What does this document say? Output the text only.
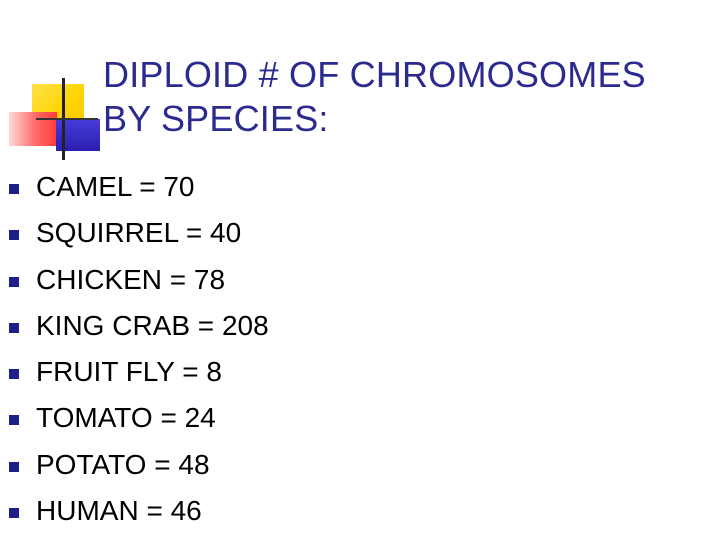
DIPLOID # OF CHROMOSOMES
BY SPECIES:
CAMEL = 70
SQUIRREL = 40
CHICKEN = 78
KING CRAB = 208
FRUIT FLY = 8
TOMATO = 24
POTATO = 48
HUMAN = 46
